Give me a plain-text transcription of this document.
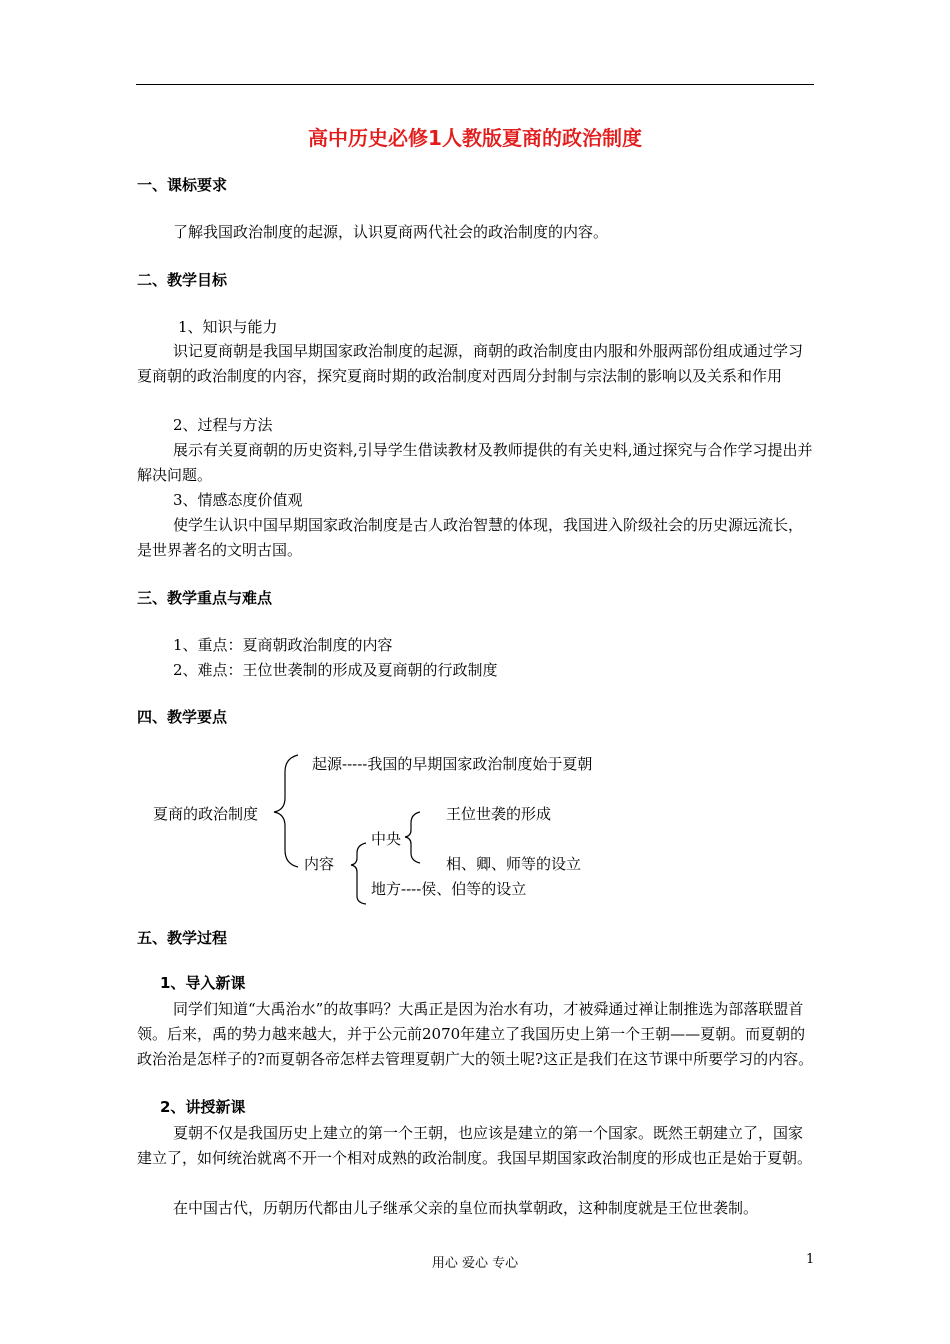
高中历史必修1人教版夏商的政治制度
一、课标要求
了解我国政治制度的起源，认识夏商两代社会的政治制度的内容。
二、教学目标
1、知识与能力
识记夏商朝是我国早期国家政治制度的起源，商朝的政治制度由内服和外服两部份组成通过学习夏商朝的政治制度的内容，探究夏商时期的政治制度对西周分封制与宗法制的影响以及关系和作用
2、过程与方法
展示有关夏商朝的历史资料,引导学生借读教材及教师提供的有关史料,通过探究与合作学习提出并解决问题。
3、情感态度价值观
使学生认识中国早期国家政治制度是古人政治智慧的体现，我国进入阶级社会的历史源远流长，是世界著名的文明古国。
三、教学重点与难点
1、重点：夏商朝政治制度的内容
2、难点：王位世袭制的形成及夏商朝的行政制度
四、教学要点
夏商的政治制度
起源-----我国的早期国家政治制度始于夏朝
内容
中央
王位世袭的形成
相、卿、师等的设立
地方----侯、伯等的设立
五、教学过程
1、导入新课
同学们知道“大禹治水”的故事吗？大禹正是因为治水有功，才被舜通过禅让制推选为部落联盟首领。后来，禹的势力越来越大，并于公元前2070年建立了我国历史上第一个王朝——夏朝。而夏朝的政治治是怎样子的?而夏朝各帝怎样去管理夏朝广大的领土呢?这正是我们在这节课中所要学习的内容。
2、讲授新课
夏朝不仅是我国历史上建立的第一个王朝，也应该是建立的第一个国家。既然王朝建立了，国家建立了，如何统治就离不开一个相对成熟的政治制度。我国早期国家政治制度的形成也正是始于夏朝。
在中国古代，历朝历代都由儿子继承父亲的皇位而执掌朝政，这种制度就是王位世袭制。
用心 爱心 专心	1
